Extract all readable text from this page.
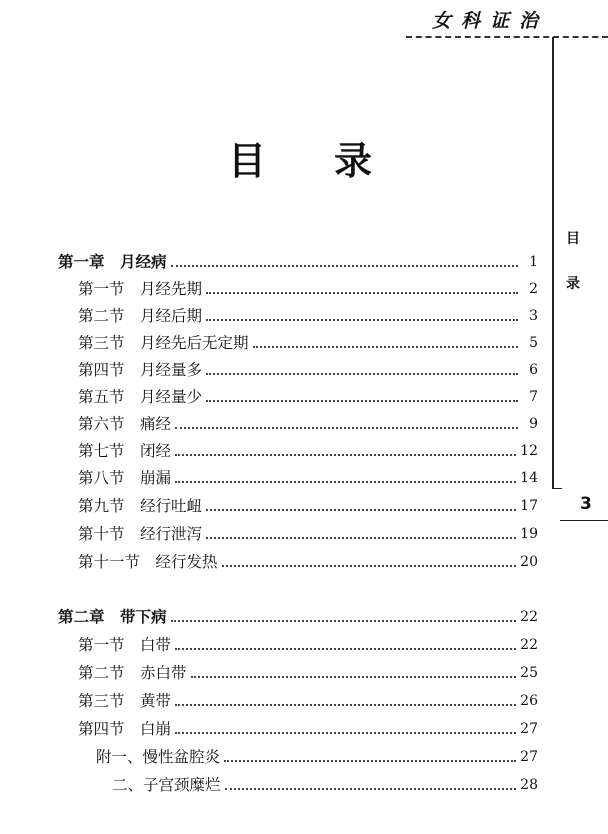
女科证治
目
录
3
目 录
第一章　月经病	1
第一节　月经先期	2
第二节　月经后期	3
第三节　月经先后无定期	5
第四节　月经量多	6
第五节　月经量少	7
第六节　痛经	9
第七节　闭经	12
第八节　崩漏	14
第九节　经行吐衄	17
第十节　经行泄泻	19
第十一节　经行发热	20
第二章　带下病	22
第一节　白带	22
第二节　赤白带	25
第三节　黄带	26
第四节　白崩	27
附一、慢性盆腔炎	27
二、子宫颈糜烂	28
